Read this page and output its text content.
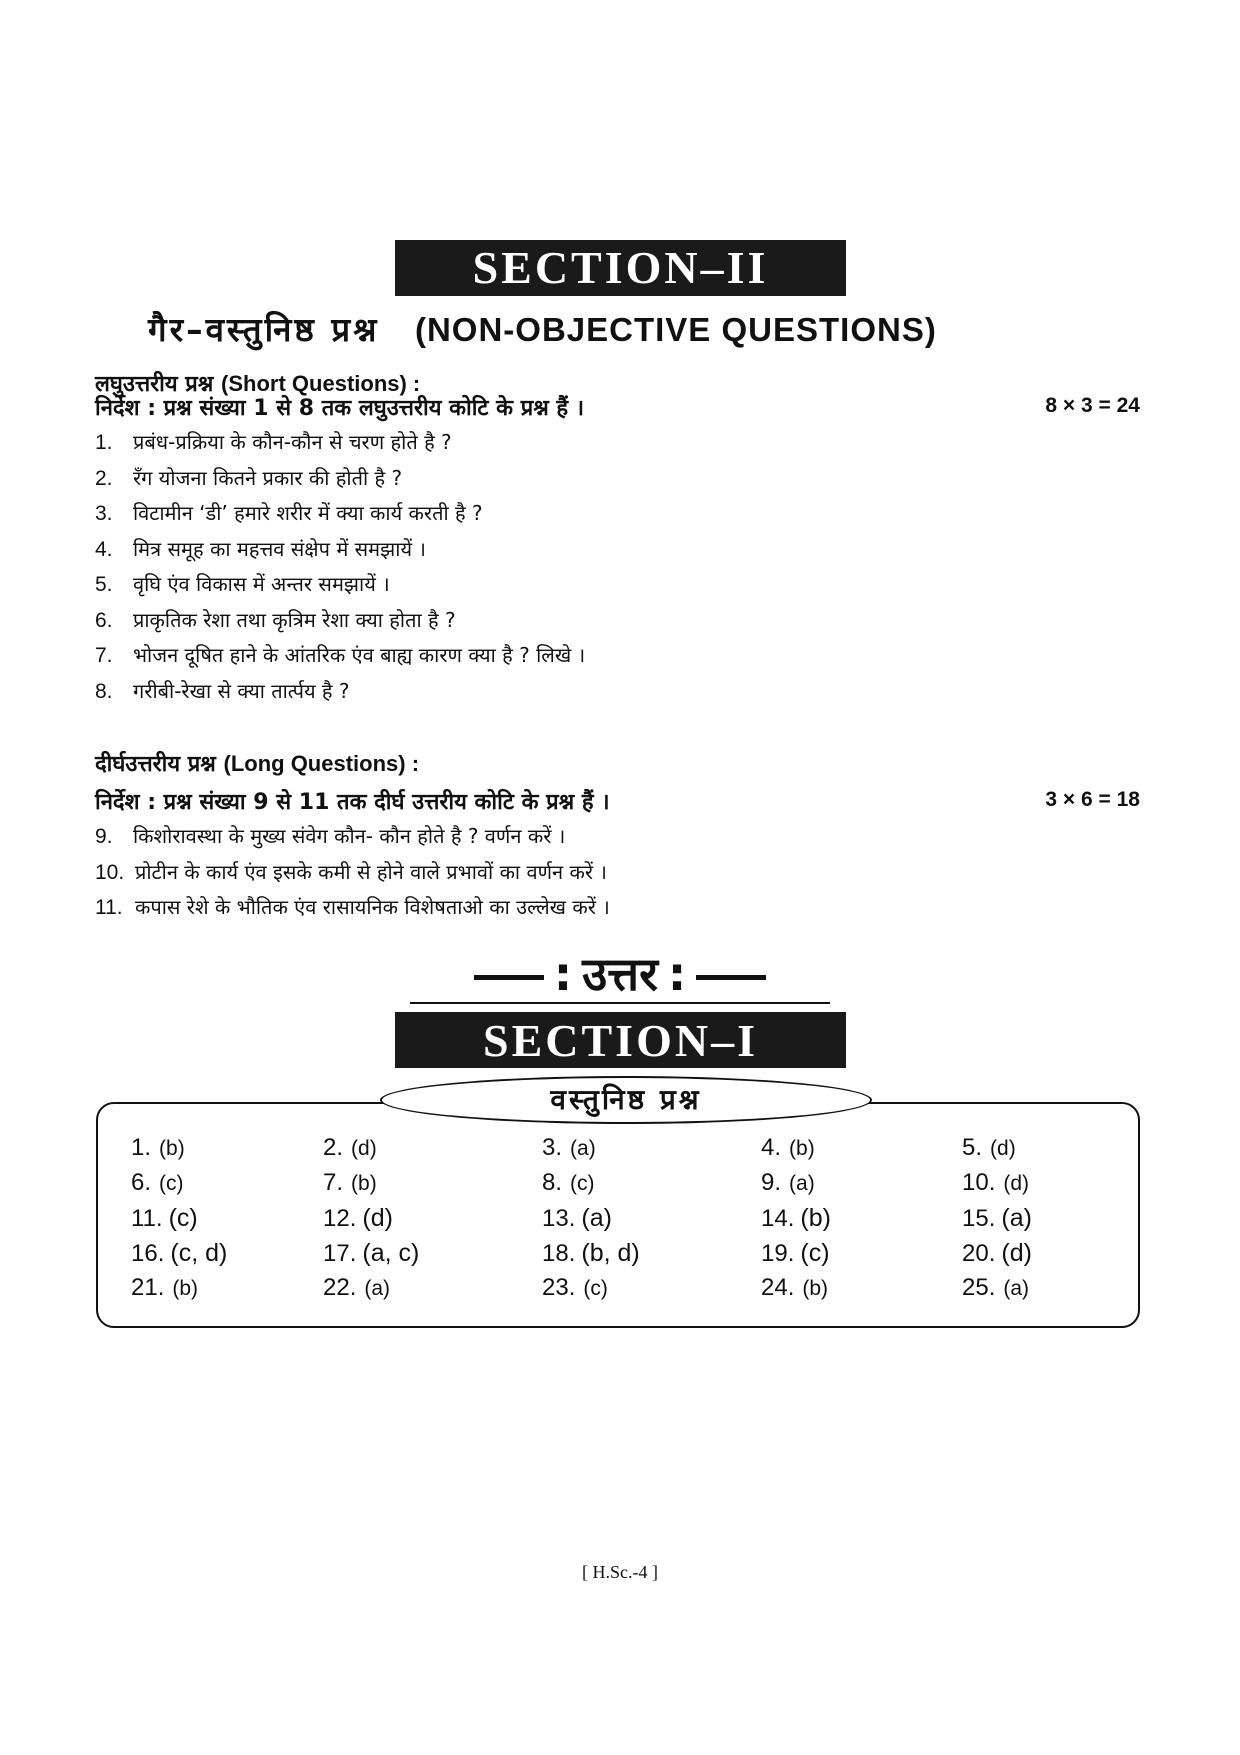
SECTION–II
गैर–वस्तुनिष्ठ प्रश्न (NON-OBJECTIVE QUESTIONS)
लघुउत्तरीय प्रश्न (Short Questions) :
निर्देश : प्रश्न संख्या 1 से 8 तक लघुउत्तरीय कोटि के प्रश्न हैं ।	8 × 3 = 24
1. प्रबंध-प्रक्रिया के कौन-कौन से चरण होते है ?
2. रँग योजना कितने प्रकार की होती है ?
3. विटामीन ‘डी’ हमारे शरीर में क्या कार्य करती है ?
4. मित्र समूह का महत्तव संक्षेप में समझायें ।
5. वृघि एंव विकास में अन्तर समझायें ।
6. प्राकृतिक रेशा तथा कृत्रिम रेशा क्या होता है ?
7. भोजन दूषित हाने के आंतरिक एंव बाह्य कारण क्या है ? लिखे ।
8. गरीबी-रेखा से क्या तार्त्पय है ?
दीर्घउत्तरीय प्रश्न (Long Questions) :
निर्देश : प्रश्न संख्या 9 से 11 तक दीर्घ उत्तरीय कोटि के प्रश्न हैं ।	3 × 6 = 18
9. किशोरावस्था के मुख्य संवेग कौन- कौन होते है ? वर्णन करें ।
10. प्रोटीन के कार्य एंव इसके कमी से होने वाले प्रभावों का वर्णन करें ।
11. कपास रेशे के भौतिक एंव रासायनिक विशेषताओ का उल्लेख करें ।
: उत्तर :
SECTION–I
वस्तुनिष्ठ प्रश्न
1. (b)	2. (d)	3. (a)	4. (b)	5. (d)
6. (c)	7. (b)	8. (c)	9. (a)	10. (d)
11. (c)	12. (d)	13. (a)	14. (b)	15. (a)
16. (c, d)	17. (a, c)	18. (b, d)	19. (c)	20. (d)
21. (b)	22. (a)	23. (c)	24. (b)	25. (a)
[ H.Sc.-4 ]
